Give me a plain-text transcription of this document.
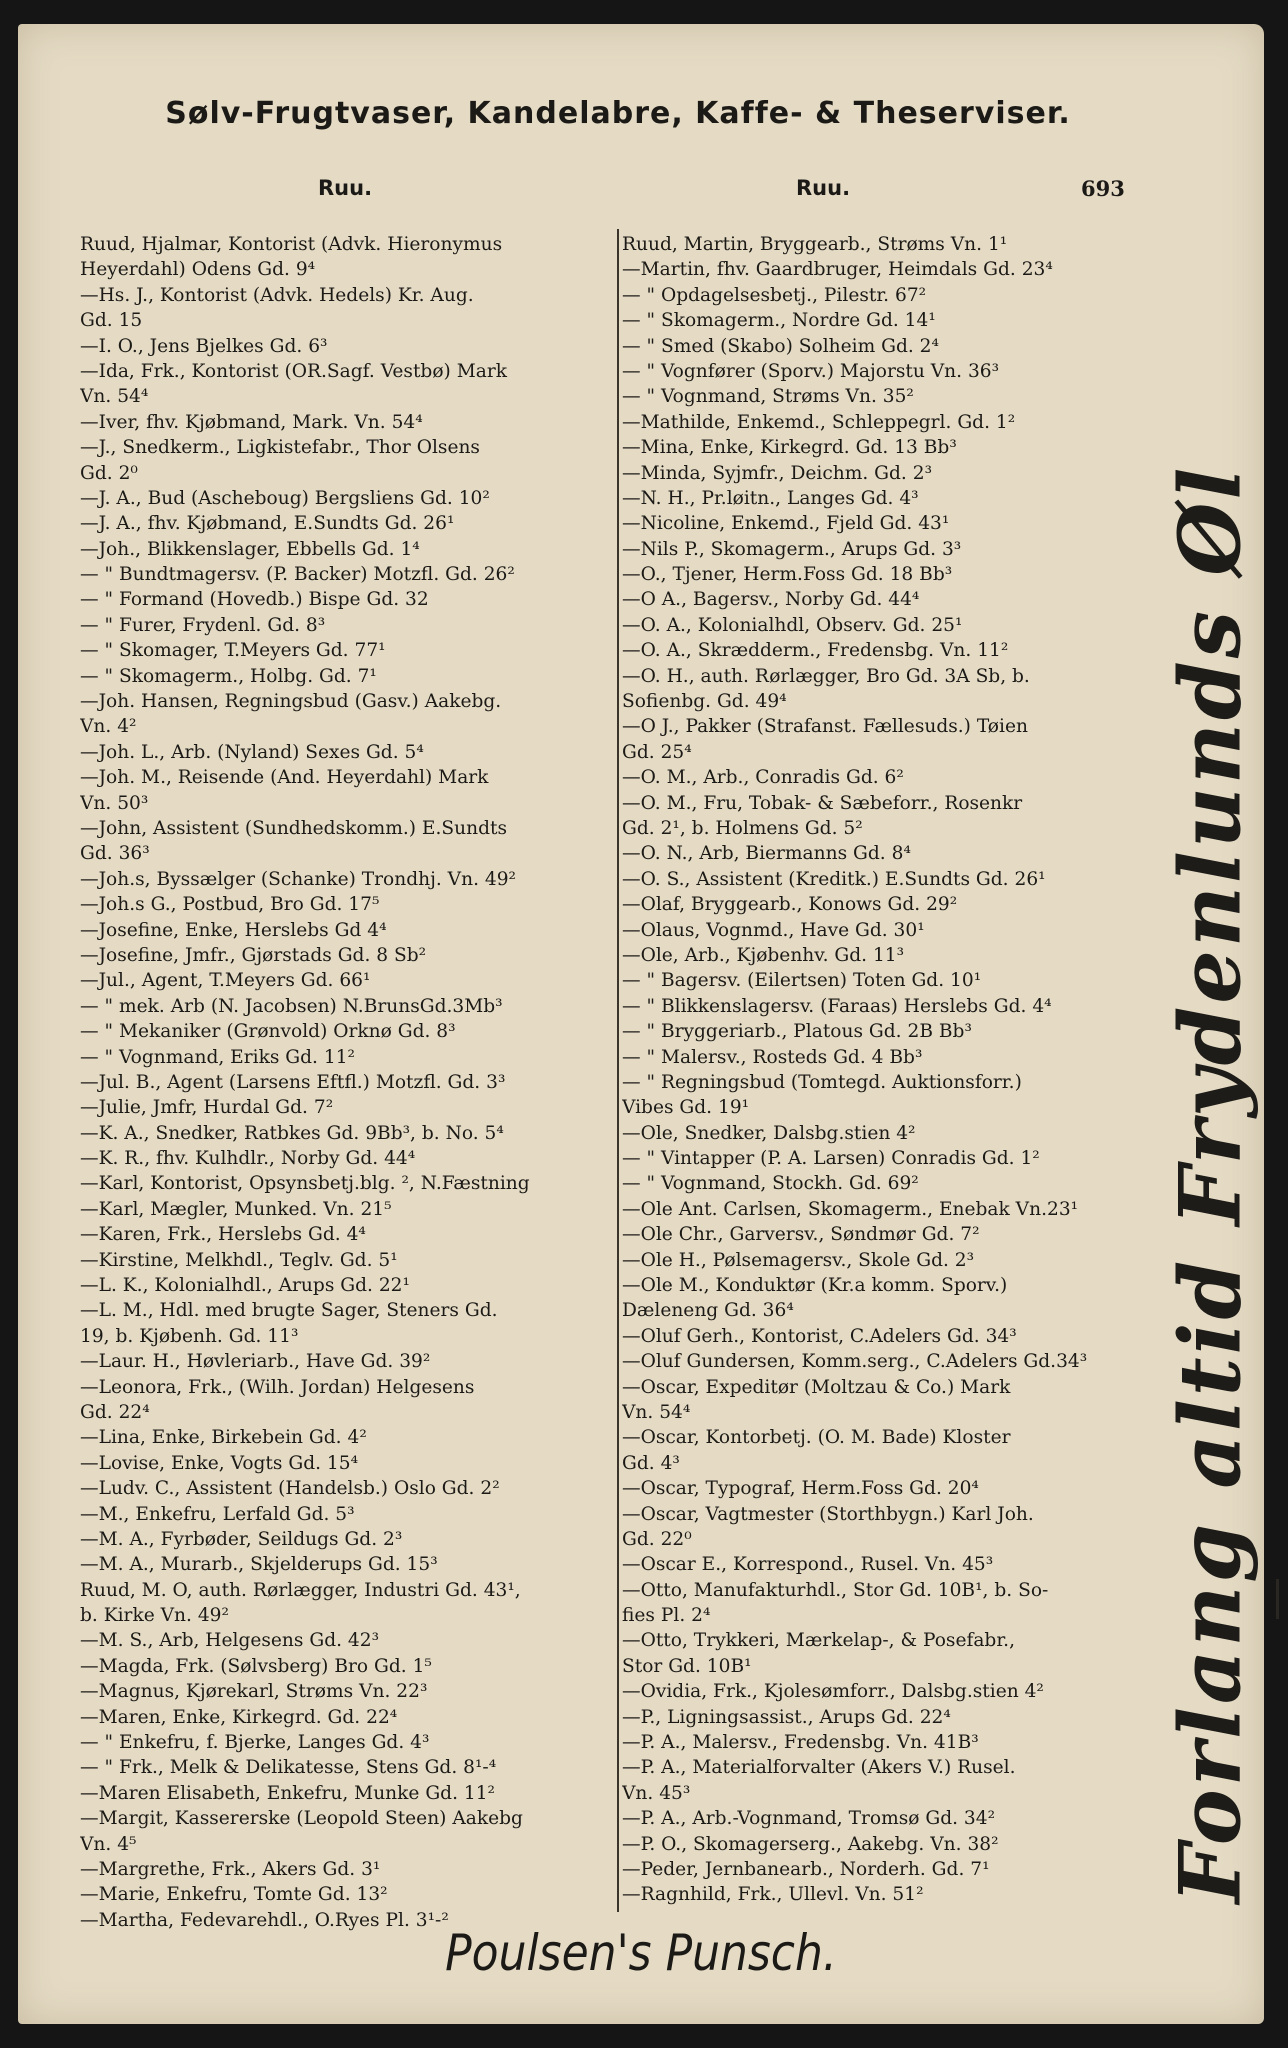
Sølv-Frugtvaser, Kandelabre, Kaffe- & Theserviser.
Ruu.	Ruu.	693
Ruud, Hjalmar, Kontorist (Advk. Hieronymus
Heyerdahl) Odens Gd. 9⁴
—Hs. J., Kontorist (Advk. Hedels) Kr. Aug.
Gd. 15
—I. O., Jens Bjelkes Gd. 6³
—Ida, Frk., Kontorist (OR.Sagf. Vestbø) Mark
Vn. 54⁴
—Iver, fhv. Kjøbmand, Mark. Vn. 54⁴
—J., Snedkerm., Ligkistefabr., Thor Olsens
Gd. 2⁰
—J. A., Bud (Ascheboug) Bergsliens Gd. 10²
—J. A., fhv. Kjøbmand, E.Sundts Gd. 26¹
—Joh., Blikkenslager, Ebbells Gd. 1⁴
— " Bundtmagersv. (P. Backer) Motzfl. Gd. 26²
— " Formand (Hovedb.) Bispe Gd. 32
— " Furer, Frydenl. Gd. 8³
— " Skomager, T.Meyers Gd. 77¹
— " Skomagerm., Holbg. Gd. 7¹
—Joh. Hansen, Regningsbud (Gasv.) Aakebg.
Vn. 4²
—Joh. L., Arb. (Nyland) Sexes Gd. 5⁴
—Joh. M., Reisende (And. Heyerdahl) Mark
Vn. 50³
—John, Assistent (Sundhedskomm.) E.Sundts
Gd. 36³
—Joh.s, Byssælger (Schanke) Trondhj. Vn. 49²
—Joh.s G., Postbud, Bro Gd. 17⁵
—Josefine, Enke, Herslebs Gd 4⁴
—Josefine, Jmfr., Gjørstads Gd. 8 Sb²
—Jul., Agent, T.Meyers Gd. 66¹
— " mek. Arb (N. Jacobsen) N.BrunsGd.3Mb³
— " Mekaniker (Grønvold) Orknø Gd. 8³
— " Vognmand, Eriks Gd. 11²
—Jul. B., Agent (Larsens Eftfl.) Motzfl. Gd. 3³
—Julie, Jmfr, Hurdal Gd. 7²
—K. A., Snedker, Ratbkes Gd. 9Bb³, b. No. 5⁴
—K. R., fhv. Kulhdlr., Norby Gd. 44⁴
—Karl, Kontorist, Opsynsbetj.blg. ², N.Fæstning
—Karl, Mægler, Munked. Vn. 21⁵
—Karen, Frk., Herslebs Gd. 4⁴
—Kirstine, Melkhdl., Teglv. Gd. 5¹
—L. K., Kolonialhdl., Arups Gd. 22¹
—L. M., Hdl. med brugte Sager, Steners Gd.
19, b. Kjøbenh. Gd. 11³
—Laur. H., Høvleriarb., Have Gd. 39²
—Leonora, Frk., (Wilh. Jordan) Helgesens
Gd. 22⁴
—Lina, Enke, Birkebein Gd. 4²
—Lovise, Enke, Vogts Gd. 15⁴
—Ludv. C., Assistent (Handelsb.) Oslo Gd. 2²
—M., Enkefru, Lerfald Gd. 5³
—M. A., Fyrbøder, Seildugs Gd. 2³
—M. A., Murarb., Skjelderups Gd. 15³
Ruud, M. O, auth. Rørlægger, Industri Gd. 43¹,
b. Kirke Vn. 49²
—M. S., Arb, Helgesens Gd. 42³
—Magda, Frk. (Sølvsberg) Bro Gd. 1⁵
—Magnus, Kjørekarl, Strøms Vn. 22³
—Maren, Enke, Kirkegrd. Gd. 22⁴
— " Enkefru, f. Bjerke, Langes Gd. 4³
— " Frk., Melk & Delikatesse, Stens Gd. 8¹-⁴
—Maren Elisabeth, Enkefru, Munke Gd. 11²
—Margit, Kassererske (Leopold Steen) Aakebg
Vn. 4⁵
—Margrethe, Frk., Akers Gd. 3¹
—Marie, Enkefru, Tomte Gd. 13²
—Martha, Fedevarehdl., O.Ryes Pl. 3¹-²
Ruud, Martin, Bryggearb., Strøms Vn. 1¹
—Martin, fhv. Gaardbruger, Heimdals Gd. 23⁴
— " Opdagelsesbetj., Pilestr. 67²
— " Skomagerm., Nordre Gd. 14¹
— " Smed (Skabo) Solheim Gd. 2⁴
— " Vognfører (Sporv.) Majorstu Vn. 36³
— " Vognmand, Strøms Vn. 35²
—Mathilde, Enkemd., Schleppegrl. Gd. 1²
—Mina, Enke, Kirkegrd. Gd. 13 Bb³
—Minda, Syjmfr., Deichm. Gd. 2³
—N. H., Pr.løitn., Langes Gd. 4³
—Nicoline, Enkemd., Fjeld Gd. 43¹
—Nils P., Skomagerm., Arups Gd. 3³
—O., Tjener, Herm.Foss Gd. 18 Bb³
—O A., Bagersv., Norby Gd. 44⁴
—O. A., Kolonialhdl, Observ. Gd. 25¹
—O. A., Skrædderm., Fredensbg. Vn. 11²
—O. H., auth. Rørlægger, Bro Gd. 3A Sb, b.
Sofienbg. Gd. 49⁴
—O J., Pakker (Strafanst. Fællesuds.) Tøien
Gd. 25⁴
—O. M., Arb., Conradis Gd. 6²
—O. M., Fru, Tobak- & Sæbeforr., Rosenkr
Gd. 2¹, b. Holmens Gd. 5²
—O. N., Arb, Biermanns Gd. 8⁴
—O. S., Assistent (Kreditk.) E.Sundts Gd. 26¹
—Olaf, Bryggearb., Konows Gd. 29²
—Olaus, Vognmd., Have Gd. 30¹
—Ole, Arb., Kjøbenhv. Gd. 11³
— " Bagersv. (Eilertsen) Toten Gd. 10¹
— " Blikkenslagersv. (Faraas) Herslebs Gd. 4⁴
— " Bryggeriarb., Platous Gd. 2B Bb³
— " Malersv., Rosteds Gd. 4 Bb³
— " Regningsbud (Tomtegd. Auktionsforr.)
Vibes Gd. 19¹
—Ole, Snedker, Dalsbg.stien 4²
— " Vintapper (P. A. Larsen) Conradis Gd. 1²
— " Vognmand, Stockh. Gd. 69²
—Ole Ant. Carlsen, Skomagerm., Enebak Vn.23¹
—Ole Chr., Garversv., Søndmør Gd. 7²
—Ole H., Pølsemagersv., Skole Gd. 2³
—Ole M., Konduktør (Kr.a komm. Sporv.)
Dæleneng Gd. 36⁴
—Oluf Gerh., Kontorist, C.Adelers Gd. 34³
—Oluf Gundersen, Komm.serg., C.Adelers Gd.34³
—Oscar, Expeditør (Moltzau & Co.) Mark
Vn. 54⁴
—Oscar, Kontorbetj. (O. M. Bade) Kloster
Gd. 4³
—Oscar, Typograf, Herm.Foss Gd. 20⁴
—Oscar, Vagtmester (Storthbygn.) Karl Joh.
Gd. 22⁰
—Oscar E., Korrespond., Rusel. Vn. 45³
—Otto, Manufakturhdl., Stor Gd. 10B¹, b. So-
fies Pl. 2⁴
—Otto, Trykkeri, Mærkelap-, & Posefabr.,
Stor Gd. 10B¹
—Ovidia, Frk., Kjolesømforr., Dalsbg.stien 4²
—P., Ligningsassist., Arups Gd. 22⁴
—P. A., Malersv., Fredensbg. Vn. 41B³
—P. A., Materialforvalter (Akers V.) Rusel.
Vn. 45³
—P. A., Arb.-Vognmand, Tromsø Gd. 34²
—P. O., Skomagerserg., Aakebg. Vn. 38²
—Peder, Jernbanearb., Norderh. Gd. 7¹
—Ragnhild, Frk., Ullevl. Vn. 51²	Forlang altid Frydenlunds Øl
Poulsen's Punsch.
